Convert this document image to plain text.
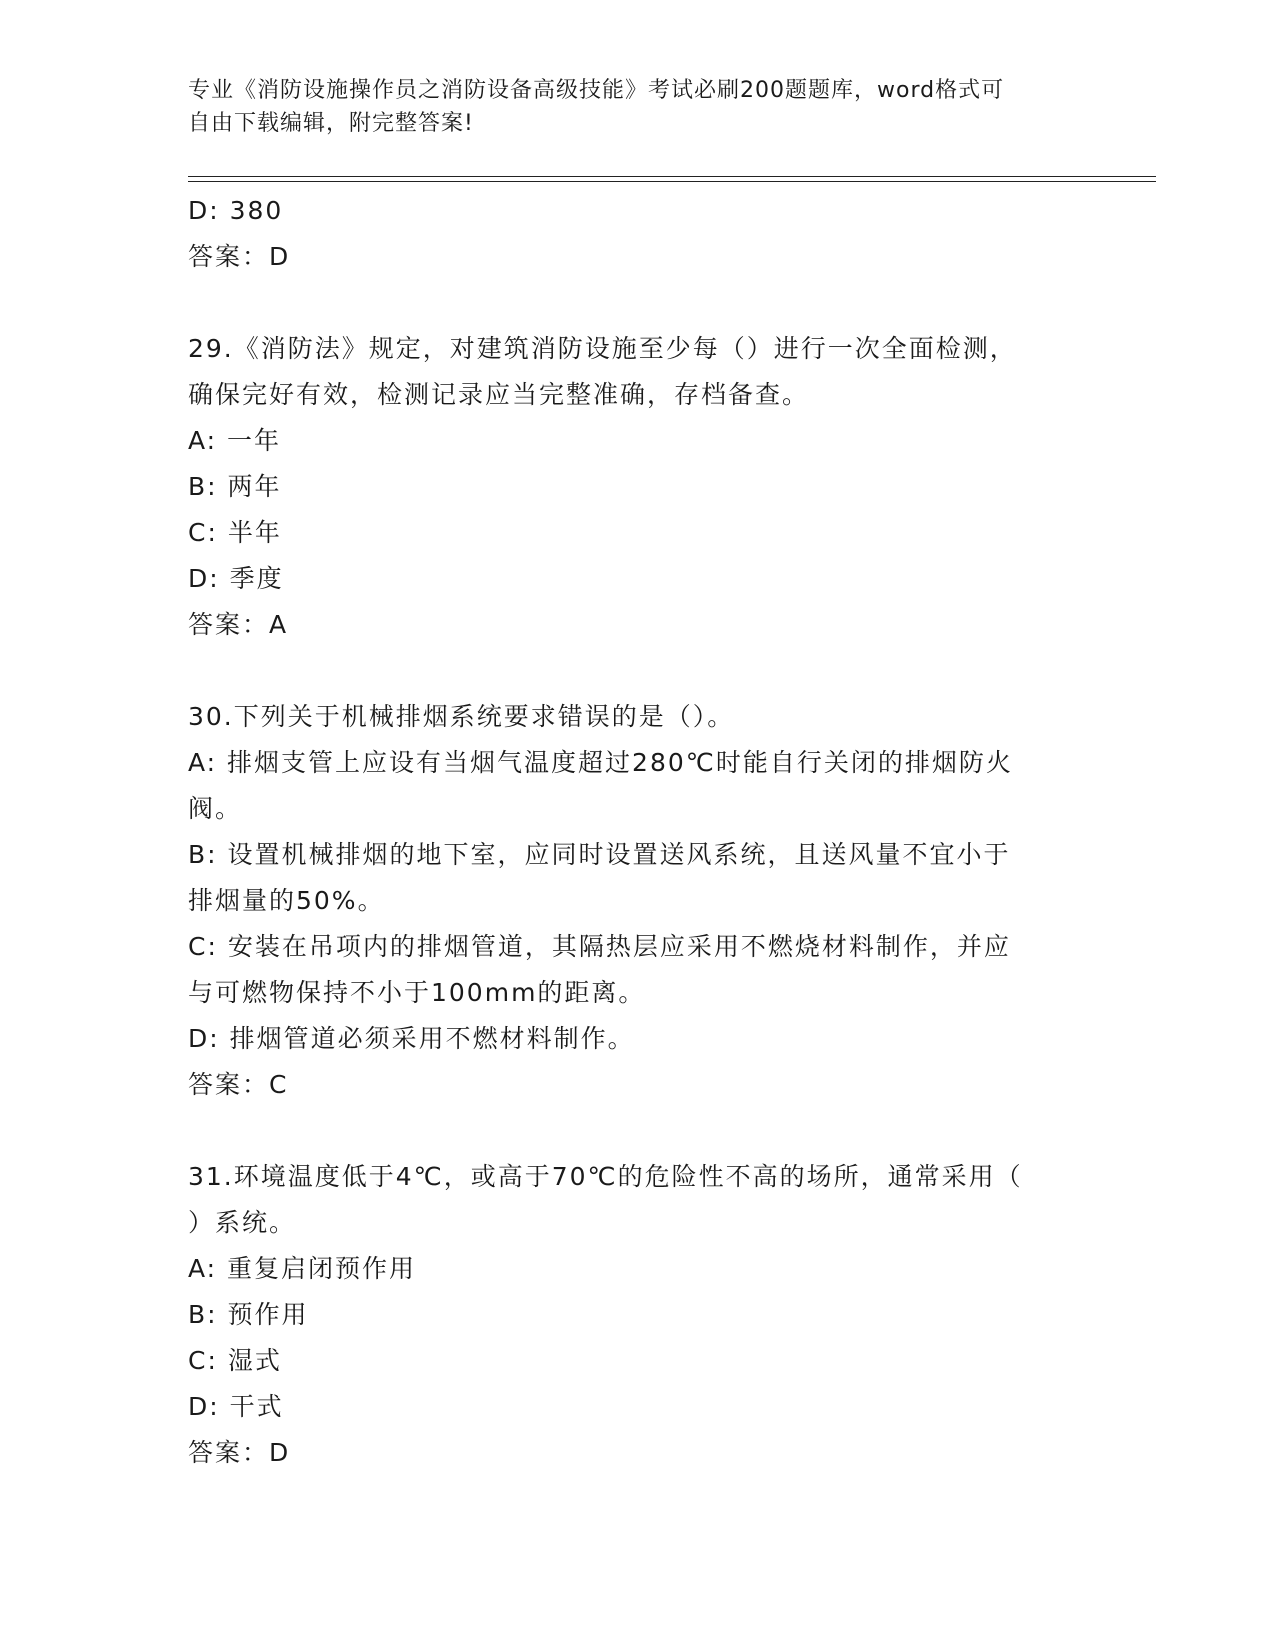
专业《消防设施操作员之消防设备高级技能》考试必刷200题题库，word格式可
自由下载编辑，附完整答案!
D: 380
答案：D
29.《消防法》规定，对建筑消防设施至少每（）进行一次全面检测，
确保完好有效，检测记录应当完整准确，存档备查。
A: 一年
B: 两年
C: 半年
D: 季度
答案：A
30.下列关于机械排烟系统要求错误的是（）。
A: 排烟支管上应设有当烟气温度超过280℃时能自行关闭的排烟防火
阀。
B: 设置机械排烟的地下室，应同时设置送风系统，且送风量不宜小于
排烟量的50%。
C: 安装在吊项内的排烟管道，其隔热层应采用不燃烧材料制作，并应
与可燃物保持不小于100mm的距离。
D: 排烟管道必须采用不燃材料制作。
答案：C
31.环境温度低于4℃，或高于70℃的危险性不高的场所，通常采用（
）系统。
A: 重复启闭预作用
B: 预作用
C: 湿式
D: 干式
答案：D
